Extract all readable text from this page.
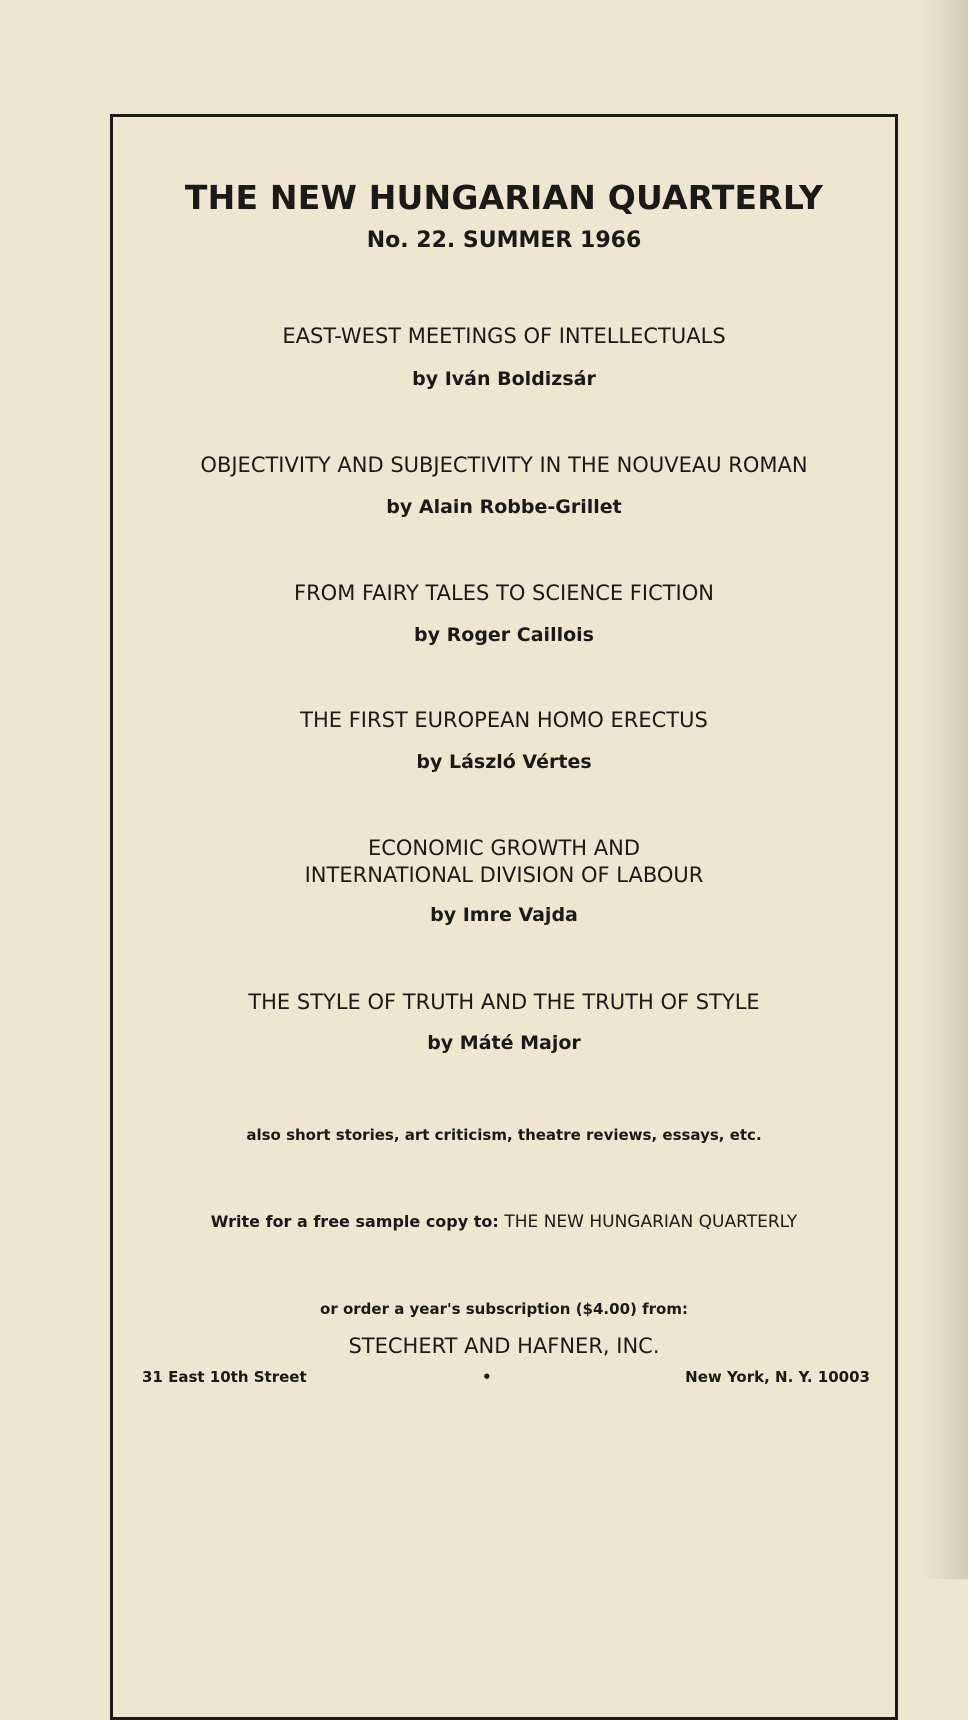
THE NEW HUNGARIAN QUARTERLY
No. 22. SUMMER 1966
EAST-WEST MEETINGS OF INTELLECTUALS
by Iván Boldizsár
OBJECTIVITY AND SUBJECTIVITY IN THE NOUVEAU ROMAN
by Alain Robbe-Grillet
FROM FAIRY TALES TO SCIENCE FICTION
by Roger Caillois
THE FIRST EUROPEAN HOMO ERECTUS
by László Vértes
ECONOMIC GROWTH AND
INTERNATIONAL DIVISION OF LABOUR
by Imre Vajda
THE STYLE OF TRUTH AND THE TRUTH OF STYLE
by Máté Major
also short stories, art criticism, theatre reviews, essays, etc.
Write for a free sample copy to: THE NEW HUNGARIAN QUARTERLY
or order a year's subscription ($4.00) from:
STECHERT AND HAFNER, INC.
31 East 10th Street	•	New York, N. Y. 10003
